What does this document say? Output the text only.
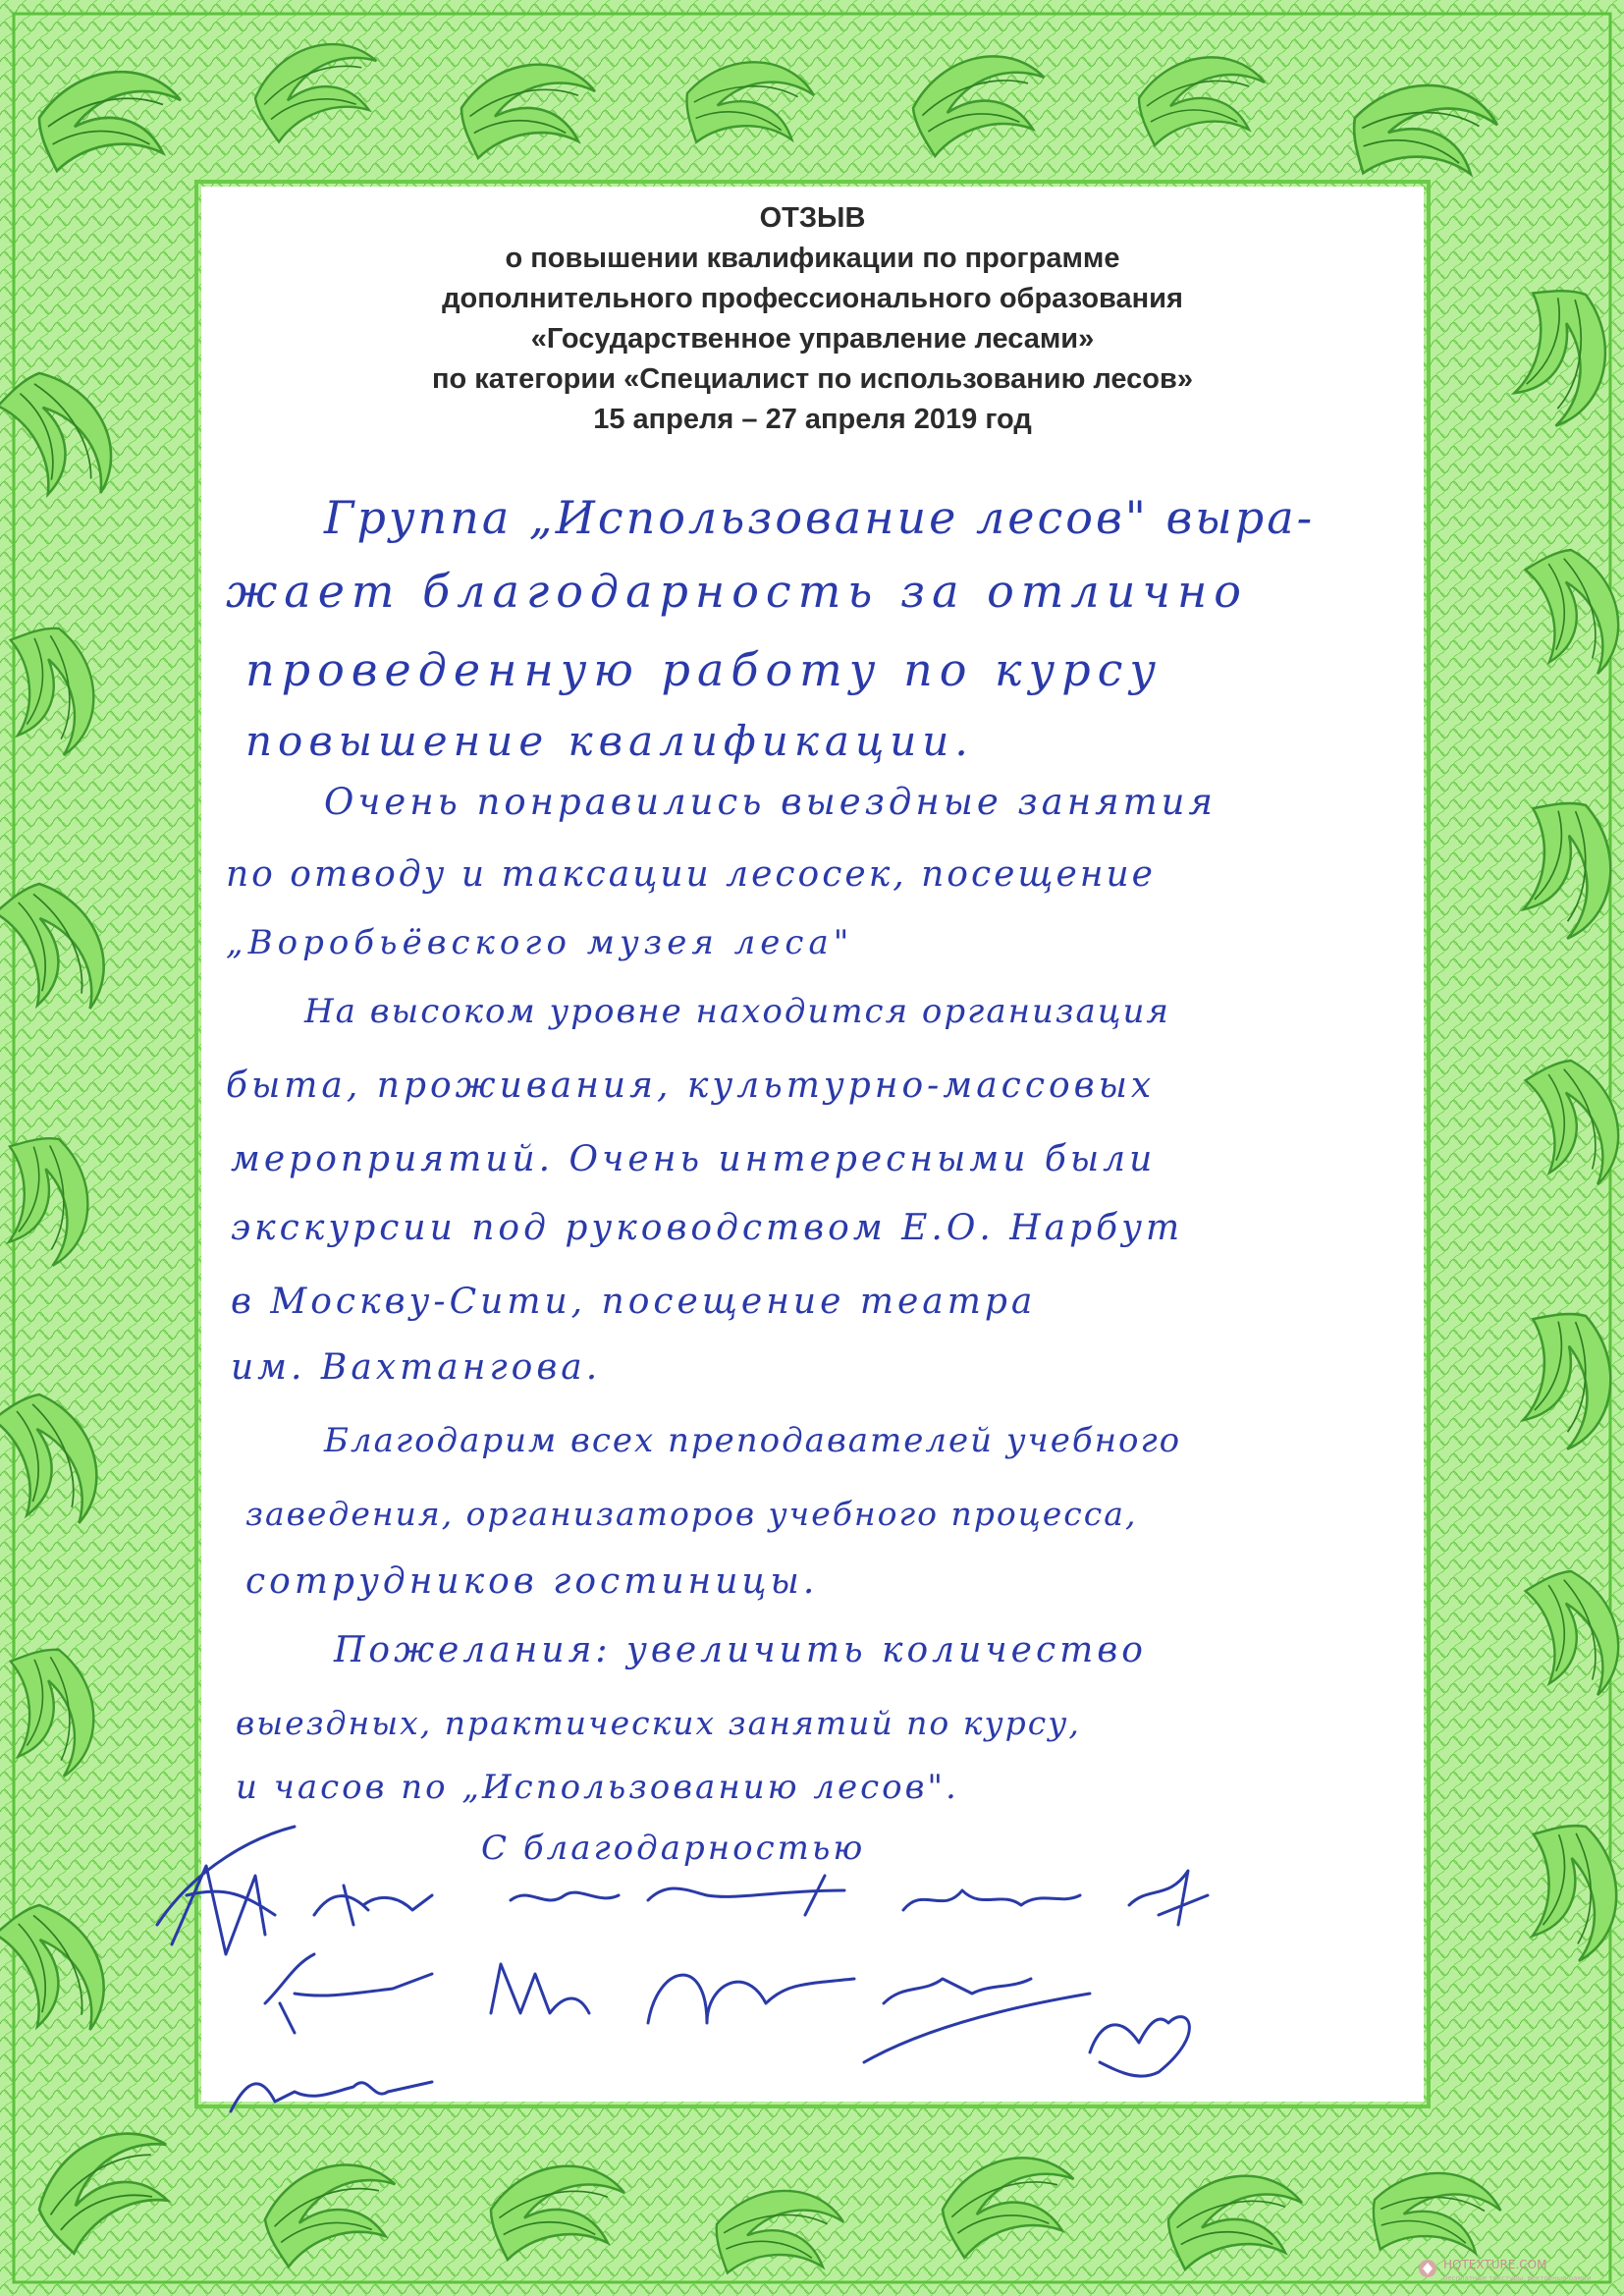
ОТЗЫВ
о повышении квалификации по программе
дополнительного профессионального образования
«Государственное управление лесами»
по категории «Специалист по использованию лесов»
15 апреля – 27 апреля 2019 год
Группа „Использование лесов" выра-
жает благодарность за отлично
проведенную работу по курсу
повышение квалификации.
Очень понравились выездные занятия
по отводу и таксации лесосек, посещение
„Воробьёвского музея леса"
На высоком уровне находится организация
быта, проживания, культурно-массовых
мероприятий. Очень интересными были
экскурсии под руководством Е.О. Нарбут
в Москву-Сити, посещение театра
им. Вахтангова.
Благодарим всех преподавателей учебного
заведения, организаторов учебного процесса,
сотрудников гостиницы.
Пожелания: увеличить количество
выездных, практических занятий по курсу,
и часов по „Использованию лесов".
С благодарностью
HQTEXTURE.COM
бесплатные текстуры, векторные рамки
